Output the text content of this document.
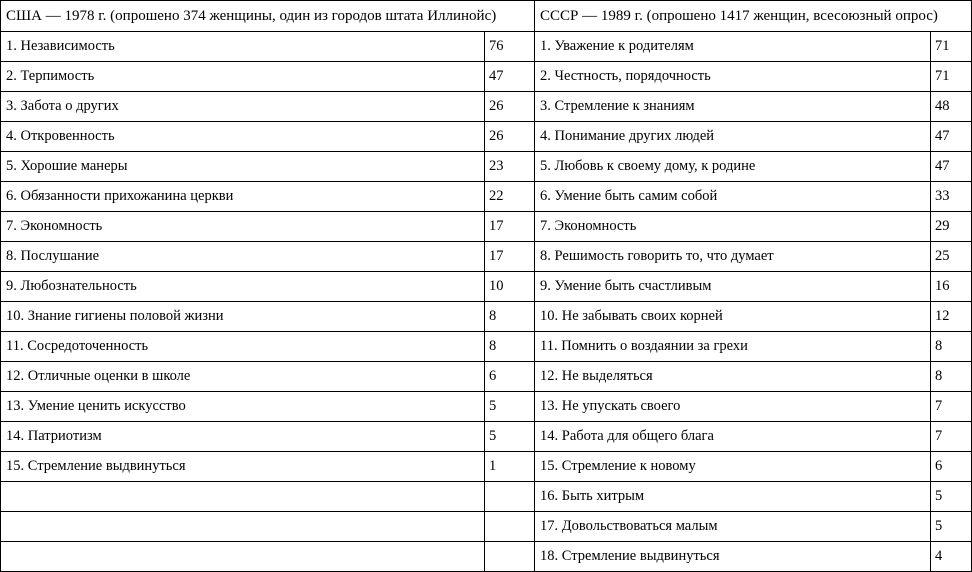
США — 1978 г. (опрошено 374 женщины, один из городов штата Иллинойс)		СССР — 1989 г. (опрошено 1417 женщин, всесоюзный опрос)	
1. Независимость	76	1. Уважение к родителям	71
2. Терпимость	47	2. Честность, порядочность	71
3. Забота о других	26	3. Стремление к знаниям	48
4. Откровенность	26	4. Понимание других людей	47
5. Хорошие манеры	23	5. Любовь к своему дому, к родине	47
6. Обязанности прихожанина церкви	22	6. Умение быть самим собой	33
7. Экономность	17	7. Экономность	29
8. Послушание	17	8. Решимость говорить то, что думает	25
9. Любознательность	10	9. Умение быть счастливым	16
10. Знание гигиены половой жизни	8	10. Не забывать своих корней	12
11. Сосредоточенность	8	11. Помнить о воздаянии за грехи	8
12. Отличные оценки в школе	6	12. Не выделяться	8
13. Умение ценить искусство	5	13. Не упускать своего	7
14. Патриотизм	5	14. Работа для общего блага	7
15. Стремление выдвинуться	1	15. Стремление к новому	6
		16. Быть хитрым	5
		17. Довольствоваться малым	5
		18. Стремление выдвинуться	4
